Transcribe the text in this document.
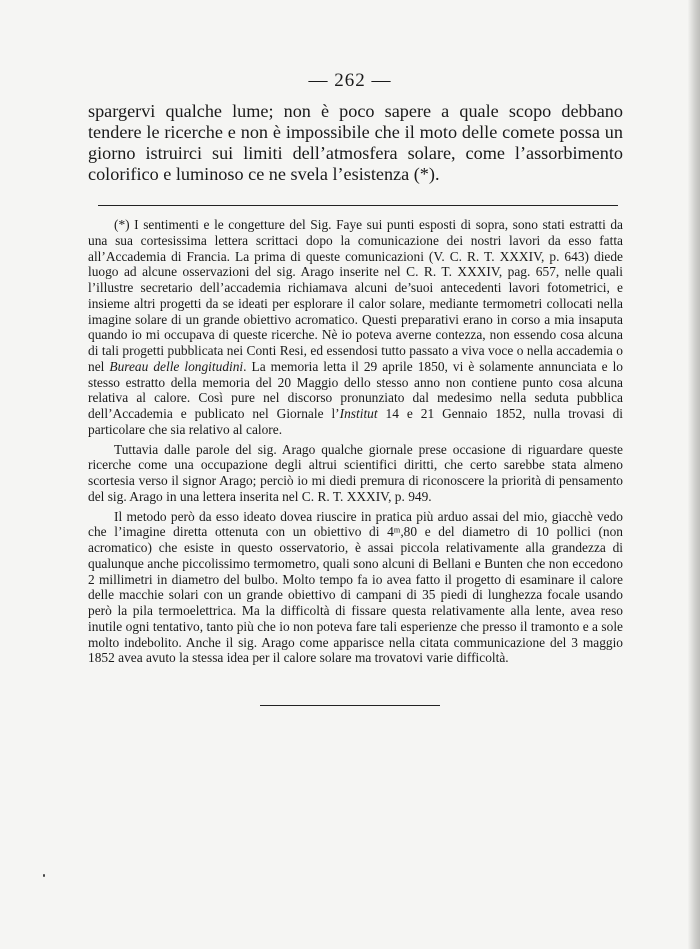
— 262 —

spargervi qualche lume; non è poco sapere a quale scopo debbano tendere le ricerche e non è impossibile che il moto delle comete possa un giorno istruirci sui limiti dell’atmosfera solare, come l’assorbimento colorifico e luminoso ce ne svela l’esistenza (*).

(*) I sentimenti e le congetture del Sig. Faye sui punti esposti di sopra, sono stati estratti da una sua cortesissima lettera scrittaci dopo la comunicazione dei nostri lavori da esso fatta all’Accademia di Francia. La prima di queste comunicazioni (V. C. R. T. XXXIV, p. 643) diede luogo ad alcune osservazioni del sig. Arago inserite nel C. R. T. XXXIV, pag. 657, nelle quali l’illustre secretario dell’accademia richiamava alcuni de’suoi antecedenti lavori fotometrici, e insieme altri progetti da se ideati per esplorare il calor solare, mediante termometri collocati nella imagine solare di un grande obiettivo acromatico. Questi preparativi erano in corso a mia insaputa quando io mi occupava di queste ricerche. Nè io poteva averne contezza, non essendo cosa alcuna di tali progetti pubblicata nei Conti Resi, ed essendosi tutto passato a viva voce o nella accademia o nel Bureau delle longitudini. La memoria letta il 29 aprile 1850, vi è solamente annunciata e lo stesso estratto della memoria del 20 Maggio dello stesso anno non contiene punto cosa alcuna relativa al calore. Così pure nel discorso pronunziato dal medesimo nella seduta pubblica dell’Accademia e publicato nel Giornale l’Institut 14 e 21 Gennaio 1852, nulla trovasi di particolare che sia relativo al calore.

Tuttavia dalle parole del sig. Arago qualche giornale prese occasione di riguardare queste ricerche come una occupazione degli altrui scientifici diritti, che certo sarebbe stata almeno scortesia verso il signor Arago; perciò io mi diedi premura di riconoscere la priorità di pensamento del sig. Arago in una lettera inserita nel C. R. T. XXXIV, p. 949.

Il metodo però da esso ideato dovea riuscire in pratica più arduo assai del mio, giacchè vedo che l’imagine diretta ottenuta con un obiettivo di 4ᵐ,80 e del diametro di 10 pollici (non acromatico) che esiste in questo osservatorio, è assai piccola relativamente alla grandezza di qualunque anche piccolissimo termometro, quali sono alcuni di Bellani e Bunten che non eccedono 2 millimetri in diametro del bulbo. Molto tempo fa io avea fatto il progetto di esaminare il calore delle macchie solari con un grande obiettivo di campani di 35 piedi di lunghezza focale usando però la pila termoelettrica. Ma la difficoltà di fissare questa relativamente alla lente, avea reso inutile ogni tentativo, tanto più che io non poteva fare tali esperienze che presso il tramonto e a sole molto indebolito. Anche il sig. Arago come apparisce nella citata communicazione del 3 maggio 1852 avea avuto la stessa idea per il calore solare ma trovatovi varie difficoltà.
